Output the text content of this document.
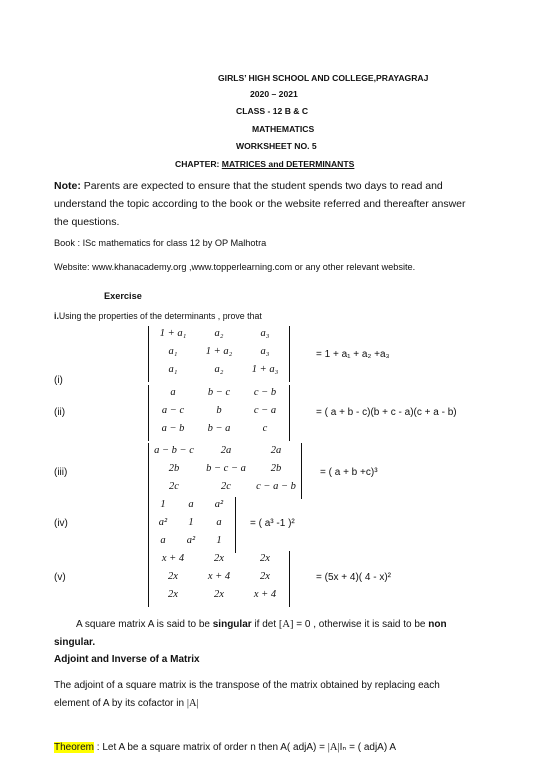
GIRLS’ HIGH SCHOOL AND COLLEGE,PRAYAGRAJ
2020 – 2021
CLASS - 12 B & C
MATHEMATICS
WORKSHEET NO. 5
CHAPTER: MATRICES and DETERMINANTS
Note: Parents are expected to ensure that the student spends two days to read and
understand the topic according to the book or the website referred and thereafter answer
the questions.
Book : ISc mathematics for class 12 by OP Malhotra
Website: www.khanacademy.org ,www.topperlearning.com or any other relevant website.
Exercise
i.Using the properties of the determinants , prove that
(i)
1 + a₁	a₂	a₃
a₁	1 + a₂	a₃
a₁	a₂	1 + a₃
= 1 + a₁ + a₂ +a₃
(ii)
a	b − c	c − b
a − c	b	c − a
a − b	b − a	c
= ( a + b - c)(b + c - a)(c + a - b)
(iii)
a − b − c	2a	2a
2b	b − c − a	2b
2c	2c	c − a − b
= ( a + b +c)³
(iv)
1	a	a²
a²	1	a
a	a²	1
= ( a³ -1 )²
(v)
x + 4	2x	2x
2x	x + 4	2x
2x	2x	x + 4
= (5x + 4)( 4 - x)²
A square matrix A is said to be singular if det [A] = 0 , otherwise it is said to be non
singular.
Adjoint and Inverse of a Matrix
The adjoint of a square matrix is the transpose of the matrix obtained by replacing each
element of A by its cofactor in |A|
Theorem : Let A be a square matrix of order n then A( adjA) = |A|Iₙ = ( adjA) A
